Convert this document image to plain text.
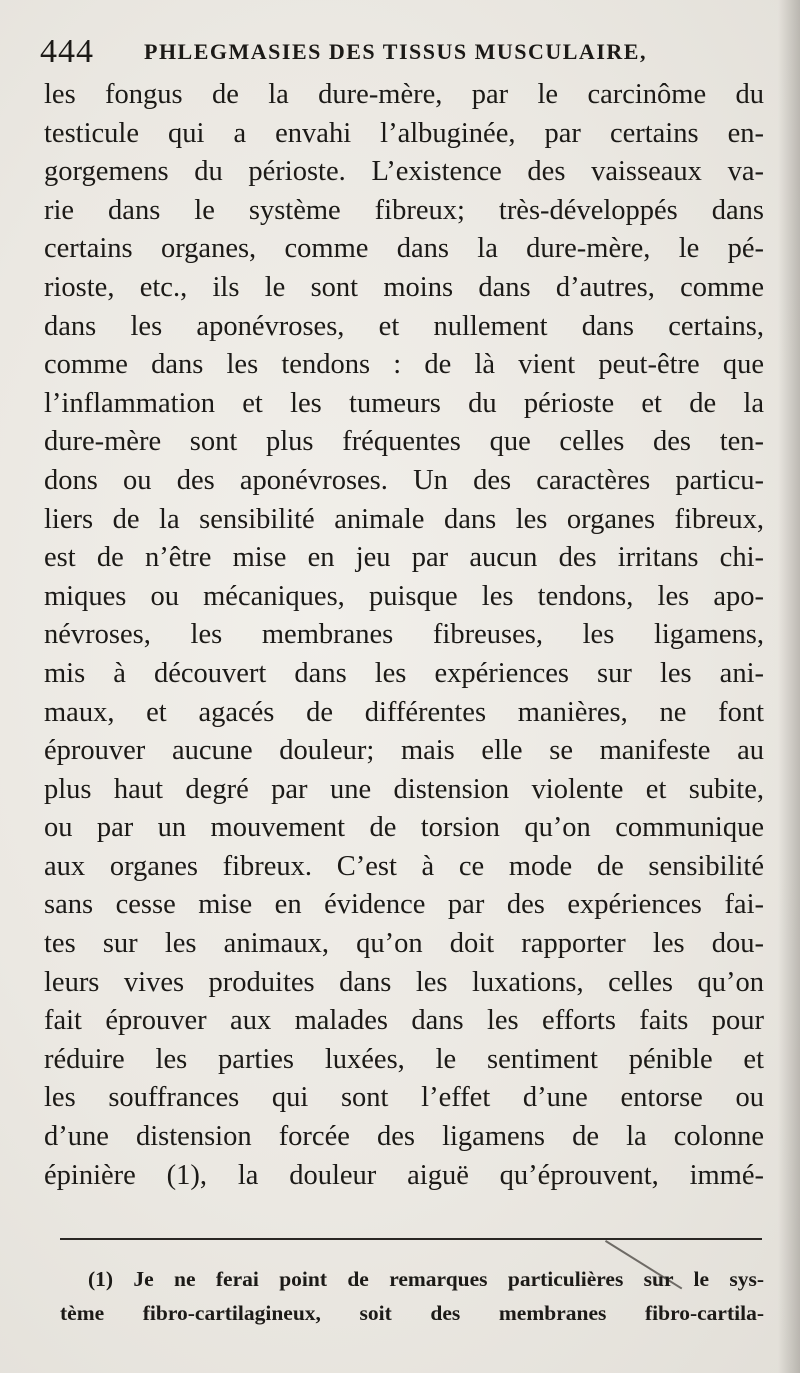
444 PHLEGMASIES DES TISSUS MUSCULAIRE,
les fongus de la dure-mère, par le carcinôme du
testicule qui a envahi l’albuginée, par certains en-
gorgemens du périoste. L’existence des vaisseaux va-
rie dans le système fibreux; très-développés dans
certains organes, comme dans la dure-mère, le pé-
rioste, etc., ils le sont moins dans d’autres, comme
dans les aponévroses, et nullement dans certains,
comme dans les tendons : de là vient peut-être que
l’inflammation et les tumeurs du périoste et de la
dure-mère sont plus fréquentes que celles des ten-
dons ou des aponévroses. Un des caractères particu-
liers de la sensibilité animale dans les organes fibreux,
est de n’être mise en jeu par aucun des irritans chi-
miques ou mécaniques, puisque les tendons, les apo-
névroses, les membranes fibreuses, les ligamens,
mis à découvert dans les expériences sur les ani-
maux, et agacés de différentes manières, ne font
éprouver aucune douleur; mais elle se manifeste au
plus haut degré par une distension violente et subite,
ou par un mouvement de torsion qu’on communique
aux organes fibreux. C’est à ce mode de sensibilité
sans cesse mise en évidence par des expériences fai-
tes sur les animaux, qu’on doit rapporter les dou-
leurs vives produites dans les luxations, celles qu’on
fait éprouver aux malades dans les efforts faits pour
réduire les parties luxées, le sentiment pénible et
les souffrances qui sont l’effet d’une entorse ou
d’une distension forcée des ligamens de la colonne
épinière (1), la douleur aiguë qu’éprouvent, immé-
(1) Je ne ferai point de remarques particulières sur le sys-
tème fibro-cartilagineux, soit des membranes fibro-cartila-
